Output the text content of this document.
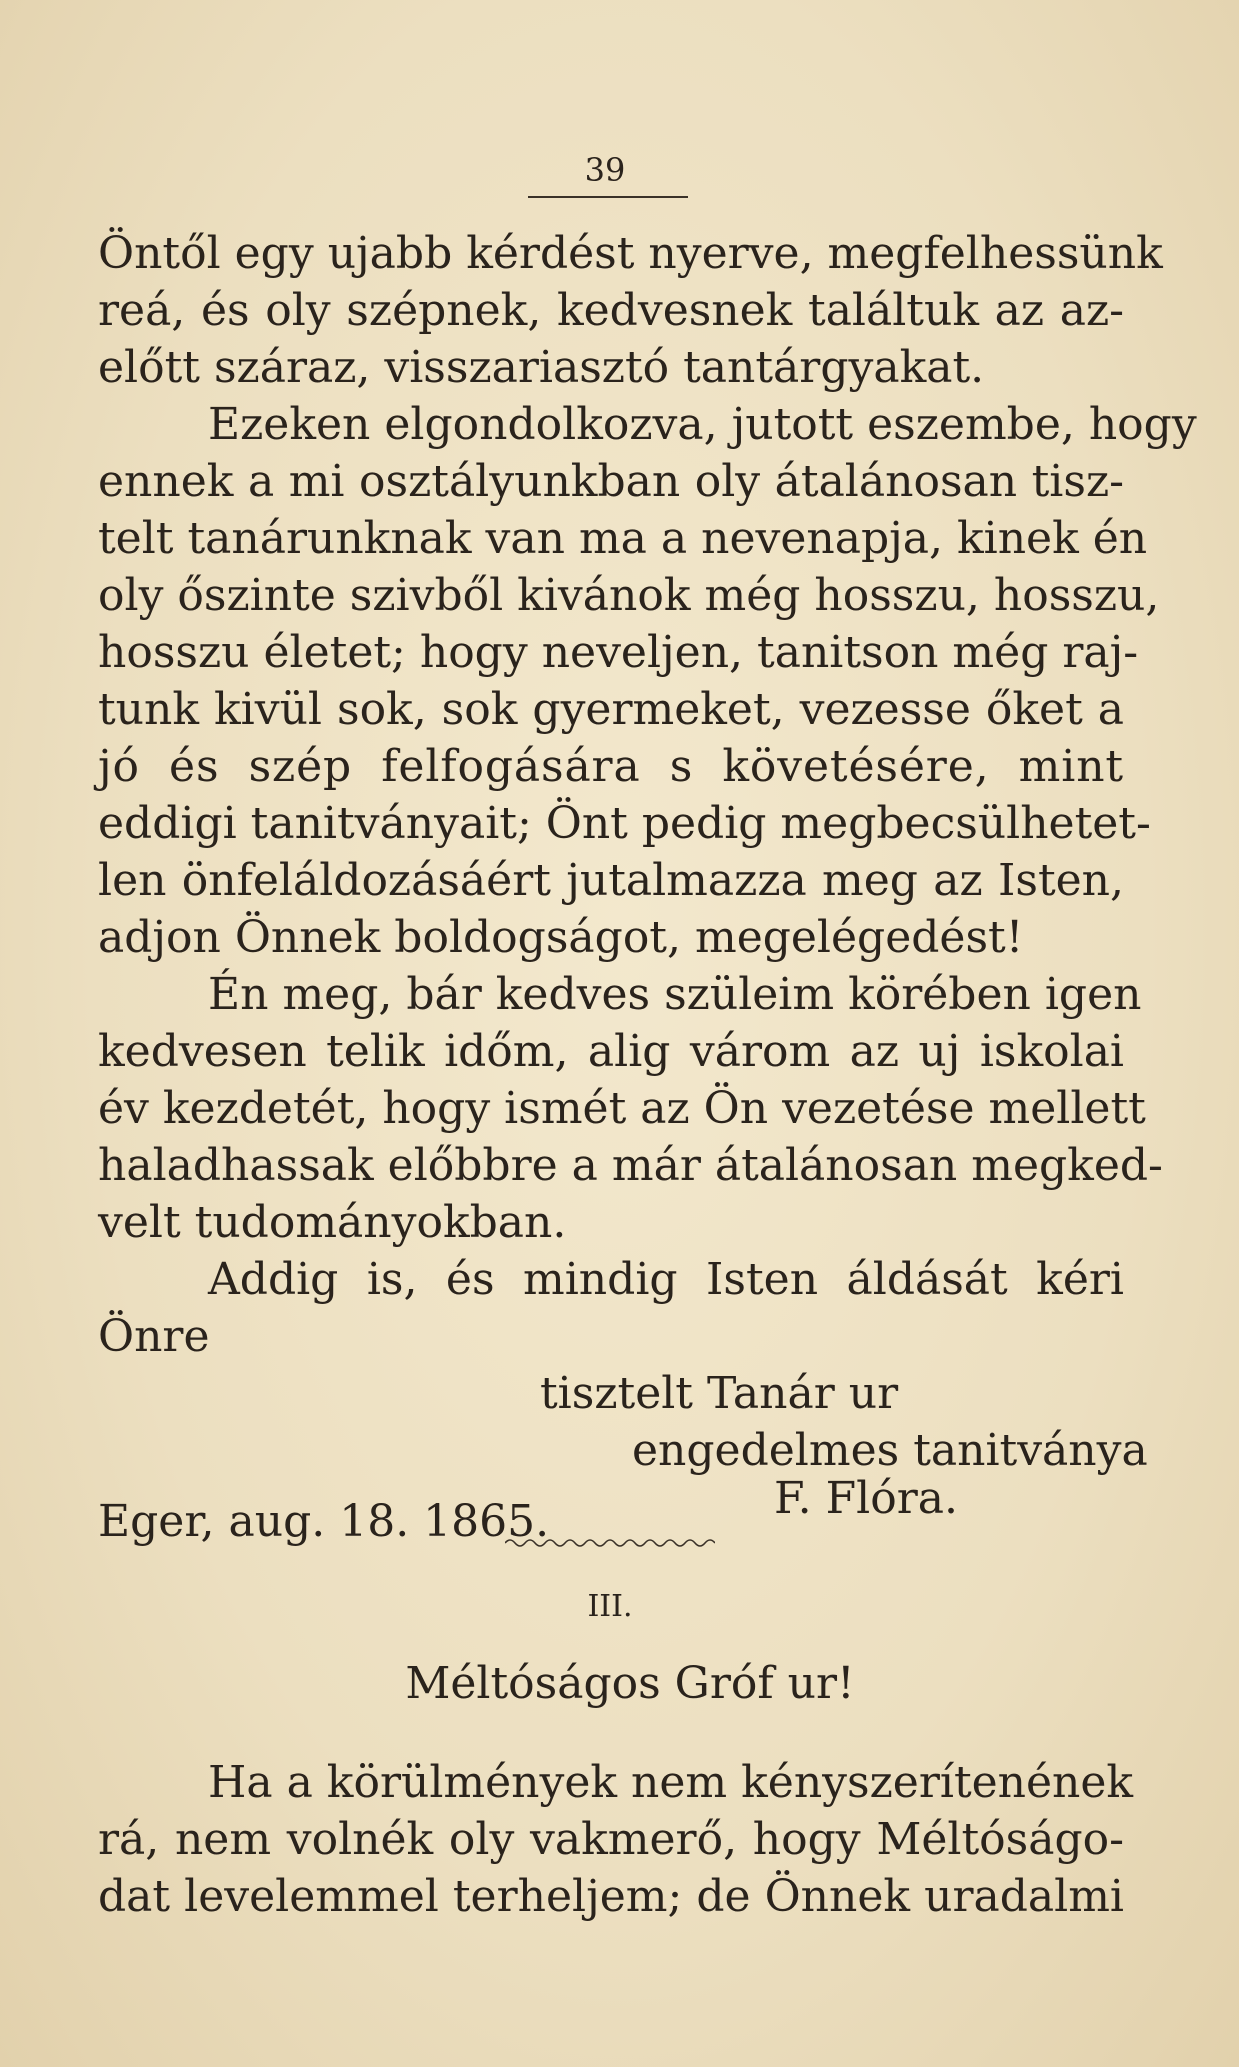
39
Öntől egy ujabb kérdést nyerve, megfelhessünk
reá, és oly szépnek, kedvesnek találtuk az az-
előtt száraz, visszariasztó tantárgyakat.
Ezeken elgondolkozva, jutott eszembe, hogy
ennek a mi osztályunkban oly átalánosan tisz-
telt tanárunknak van ma a nevenapja, kinek én
oly őszinte szivből kivánok még hosszu, hosszu,
hosszu életet; hogy neveljen, tanitson még raj-
tunk kivül sok, sok gyermeket, vezesse őket a
jó és szép felfogására s követésére, mint
eddigi tanitványait; Önt pedig megbecsülhetet-
len önfeláldozásáért jutalmazza meg az Isten,
adjon Önnek boldogságot, megelégedést!
Én meg, bár kedves szüleim körében igen
kedvesen telik időm, alig várom az uj iskolai
év kezdetét, hogy ismét az Ön vezetése mellett
haladhassak előbbre a már átalánosan megked-
velt tudományokban.
Addig is, és mindig Isten áldását kéri
Önre
tisztelt Tanár ur
engedelmes tanitványa
F. Flóra.
Eger, aug. 18. 1865.
III.
Méltóságos Gróf ur!
Ha a körülmények nem kényszerítenének
rá, nem volnék oly vakmerő, hogy Méltóságo-
dat levelemmel terheljem; de Önnek uradalmi
